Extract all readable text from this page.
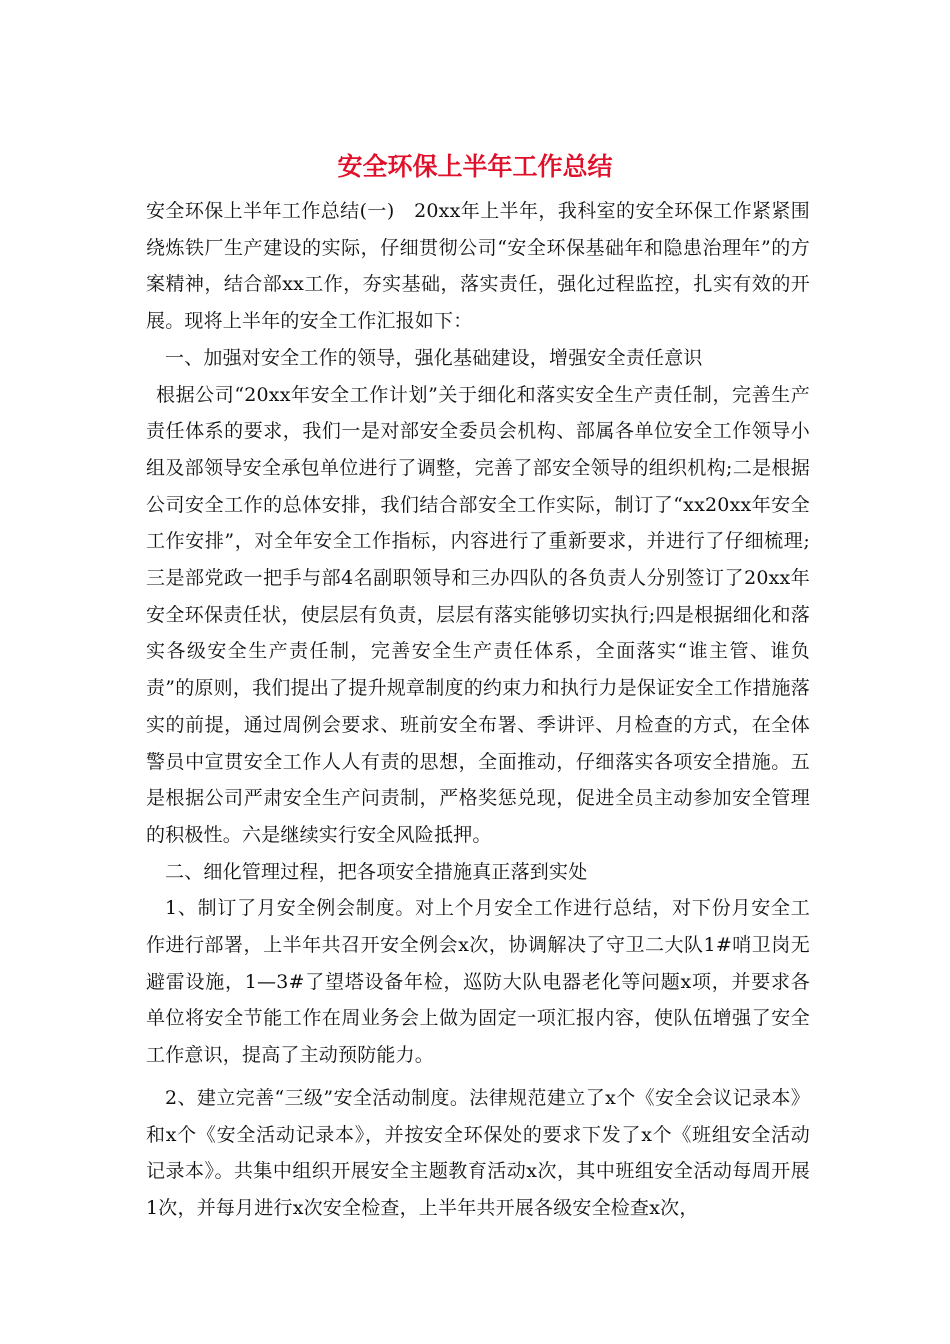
安全环保上半年工作总结

安全环保上半年工作总结(一)　20xx年上半年，我科室的安全环保工作紧紧围绕炼铁厂生产建设的实际，仔细贯彻公司“安全环保基础年和隐患治理年”的方案精神，结合部xx工作，夯实基础，落实责任，强化过程监控，扎实有效的开展。现将上半年的安全工作汇报如下：

一、加强对安全工作的领导，强化基础建设，增强安全责任意识

根据公司“20xx年安全工作计划”关于细化和落实安全生产责任制，完善生产责任体系的要求，我们一是对部安全委员会机构、部属各单位安全工作领导小组及部领导安全承包单位进行了调整，完善了部安全领导的组织机构;二是根据公司安全工作的总体安排，我们结合部安全工作实际，制订了“xx20xx年安全工作安排”，对全年安全工作指标，内容进行了重新要求，并进行了仔细梳理;三是部党政一把手与部4名副职领导和三办四队的各负责人分别签订了20xx年安全环保责任状，使层层有负责，层层有落实能够切实执行;四是根据细化和落实各级安全生产责任制，完善安全生产责任体系，全面落实“谁主管、谁负责”的原则，我们提出了提升规章制度的约束力和执行力是保证安全工作措施落实的前提，通过周例会要求、班前安全布署、季讲评、月检查的方式，在全体警员中宣贯安全工作人人有责的思想，全面推动，仔细落实各项安全措施。五是根据公司严肃安全生产问责制，严格奖惩兑现，促进全员主动参加安全管理的积极性。六是继续实行安全风险抵押。

二、细化管理过程，把各项安全措施真正落到实处

1、制订了月安全例会制度。对上个月安全工作进行总结，对下份月安全工作进行部署，上半年共召开安全例会x次，协调解决了守卫二大队1#哨卫岗无避雷设施，1—3#了望塔设备年检，巡防大队电器老化等问题x项，并要求各单位将安全节能工作在周业务会上做为固定一项汇报内容，使队伍增强了安全工作意识，提高了主动预防能力。

2、建立完善“三级”安全活动制度。法律规范建立了x个《安全会议记录本》和x个《安全活动记录本》，并按安全环保处的要求下发了x个《班组安全活动记录本》。共集中组织开展安全主题教育活动x次，其中班组安全活动每周开展1次，并每月进行x次安全检查，上半年共开展各级安全检查x次，
